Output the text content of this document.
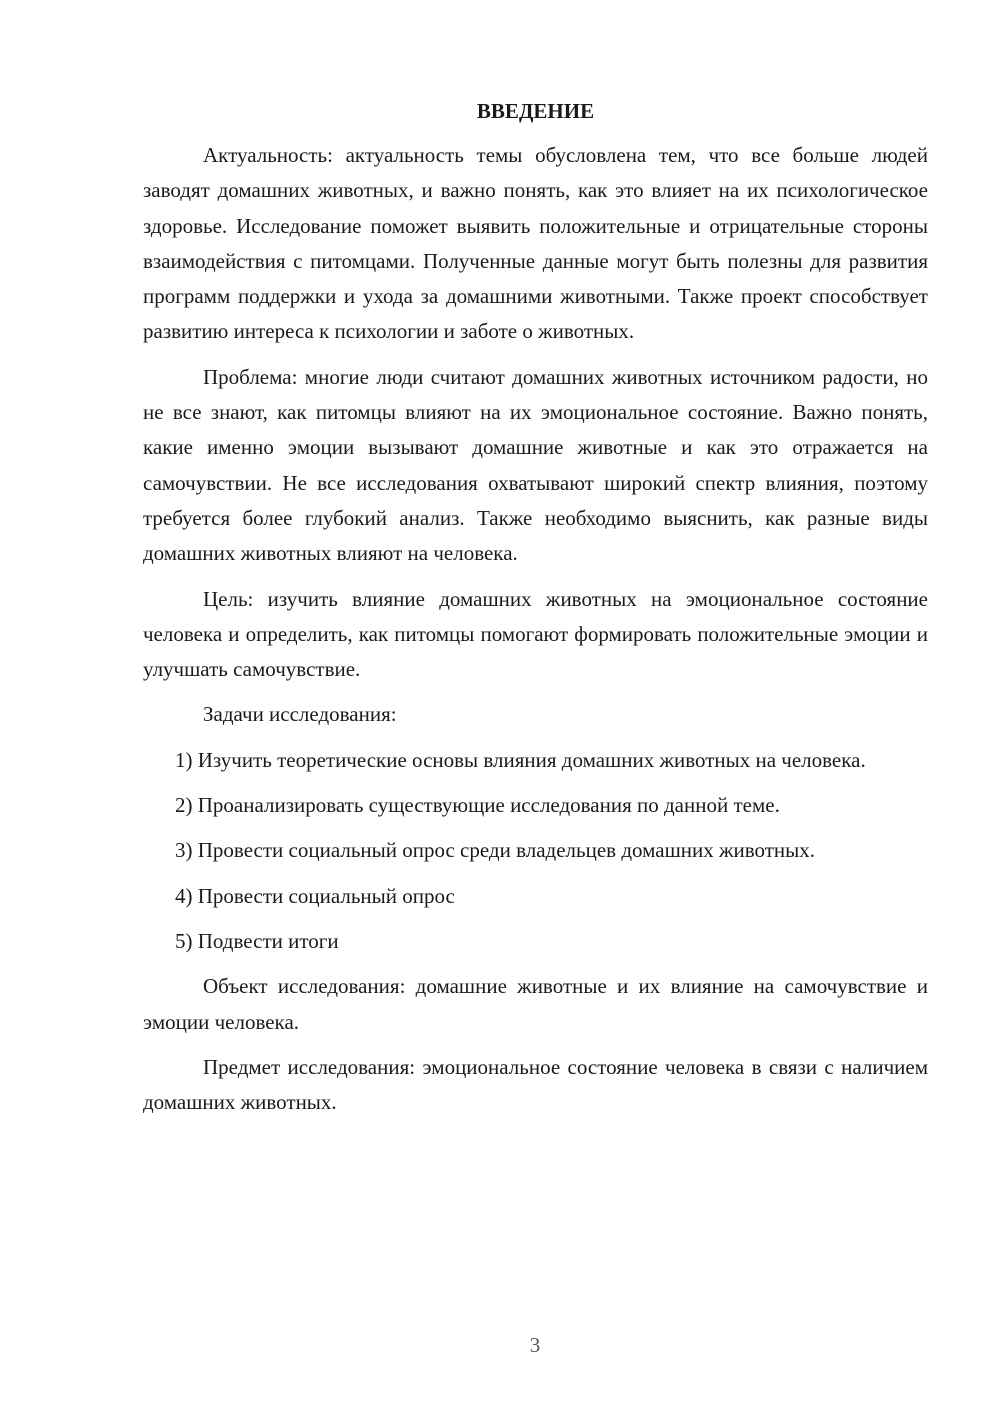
ВВЕДЕНИЕ

Актуальность: актуальность темы обусловлена тем, что все больше людей заводят домашних животных, и важно понять, как это влияет на их психологическое здоровье. Исследование поможет выявить положительные и отрицательные стороны взаимодействия с питомцами. Полученные данные могут быть полезны для развития программ поддержки и ухода за домашними животными. Также проект способствует развитию интереса к психологии и заботе о животных.

Проблема: многие люди считают домашних животных источником радости, но не все знают, как питомцы влияют на их эмоциональное состояние. Важно понять, какие именно эмоции вызывают домашние животные и как это отражается на самочувствии. Не все исследования охватывают широкий спектр влияния, поэтому требуется более глубокий анализ. Также необходимо выяснить, как разные виды домашних животных влияют на человека.

Цель: изучить влияние домашних животных на эмоциональное состояние человека и определить, как питомцы помогают формировать положительные эмоции и улучшать самочувствие.

Задачи исследования:

1) Изучить теоретические основы влияния домашних животных на человека.

2) Проанализировать существующие исследования по данной теме.

3) Провести социальный опрос среди владельцев домашних животных.

4) Провести социальный опрос

5) Подвести итоги

Объект исследования: домашние животные и их влияние на самочувствие и эмоции человека.

Предмет исследования: эмоциональное состояние человека в связи с наличием домашних животных.

3
